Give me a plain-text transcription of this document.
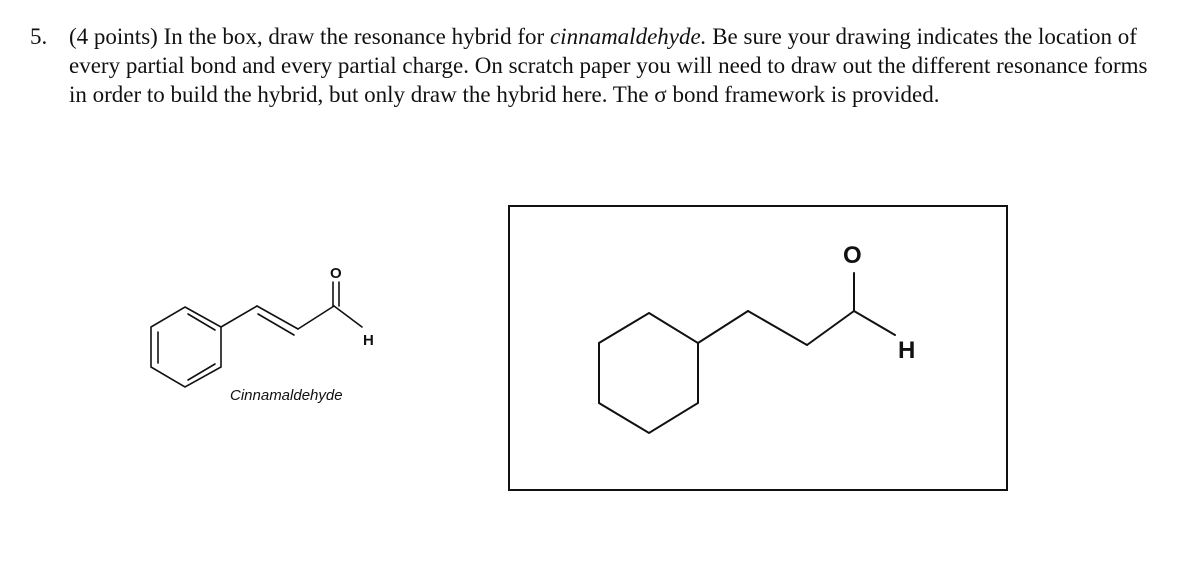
5. (4 points) In the box, draw the resonance hybrid for cinnamaldehyde. Be sure your drawing indicates the location of every partial bond and every partial charge. On scratch paper you will need to draw out the different resonance forms in order to build the hybrid, but only draw the hybrid here. The σ bond framework is provided.
O
H
Cinnamaldehyde
O
H
